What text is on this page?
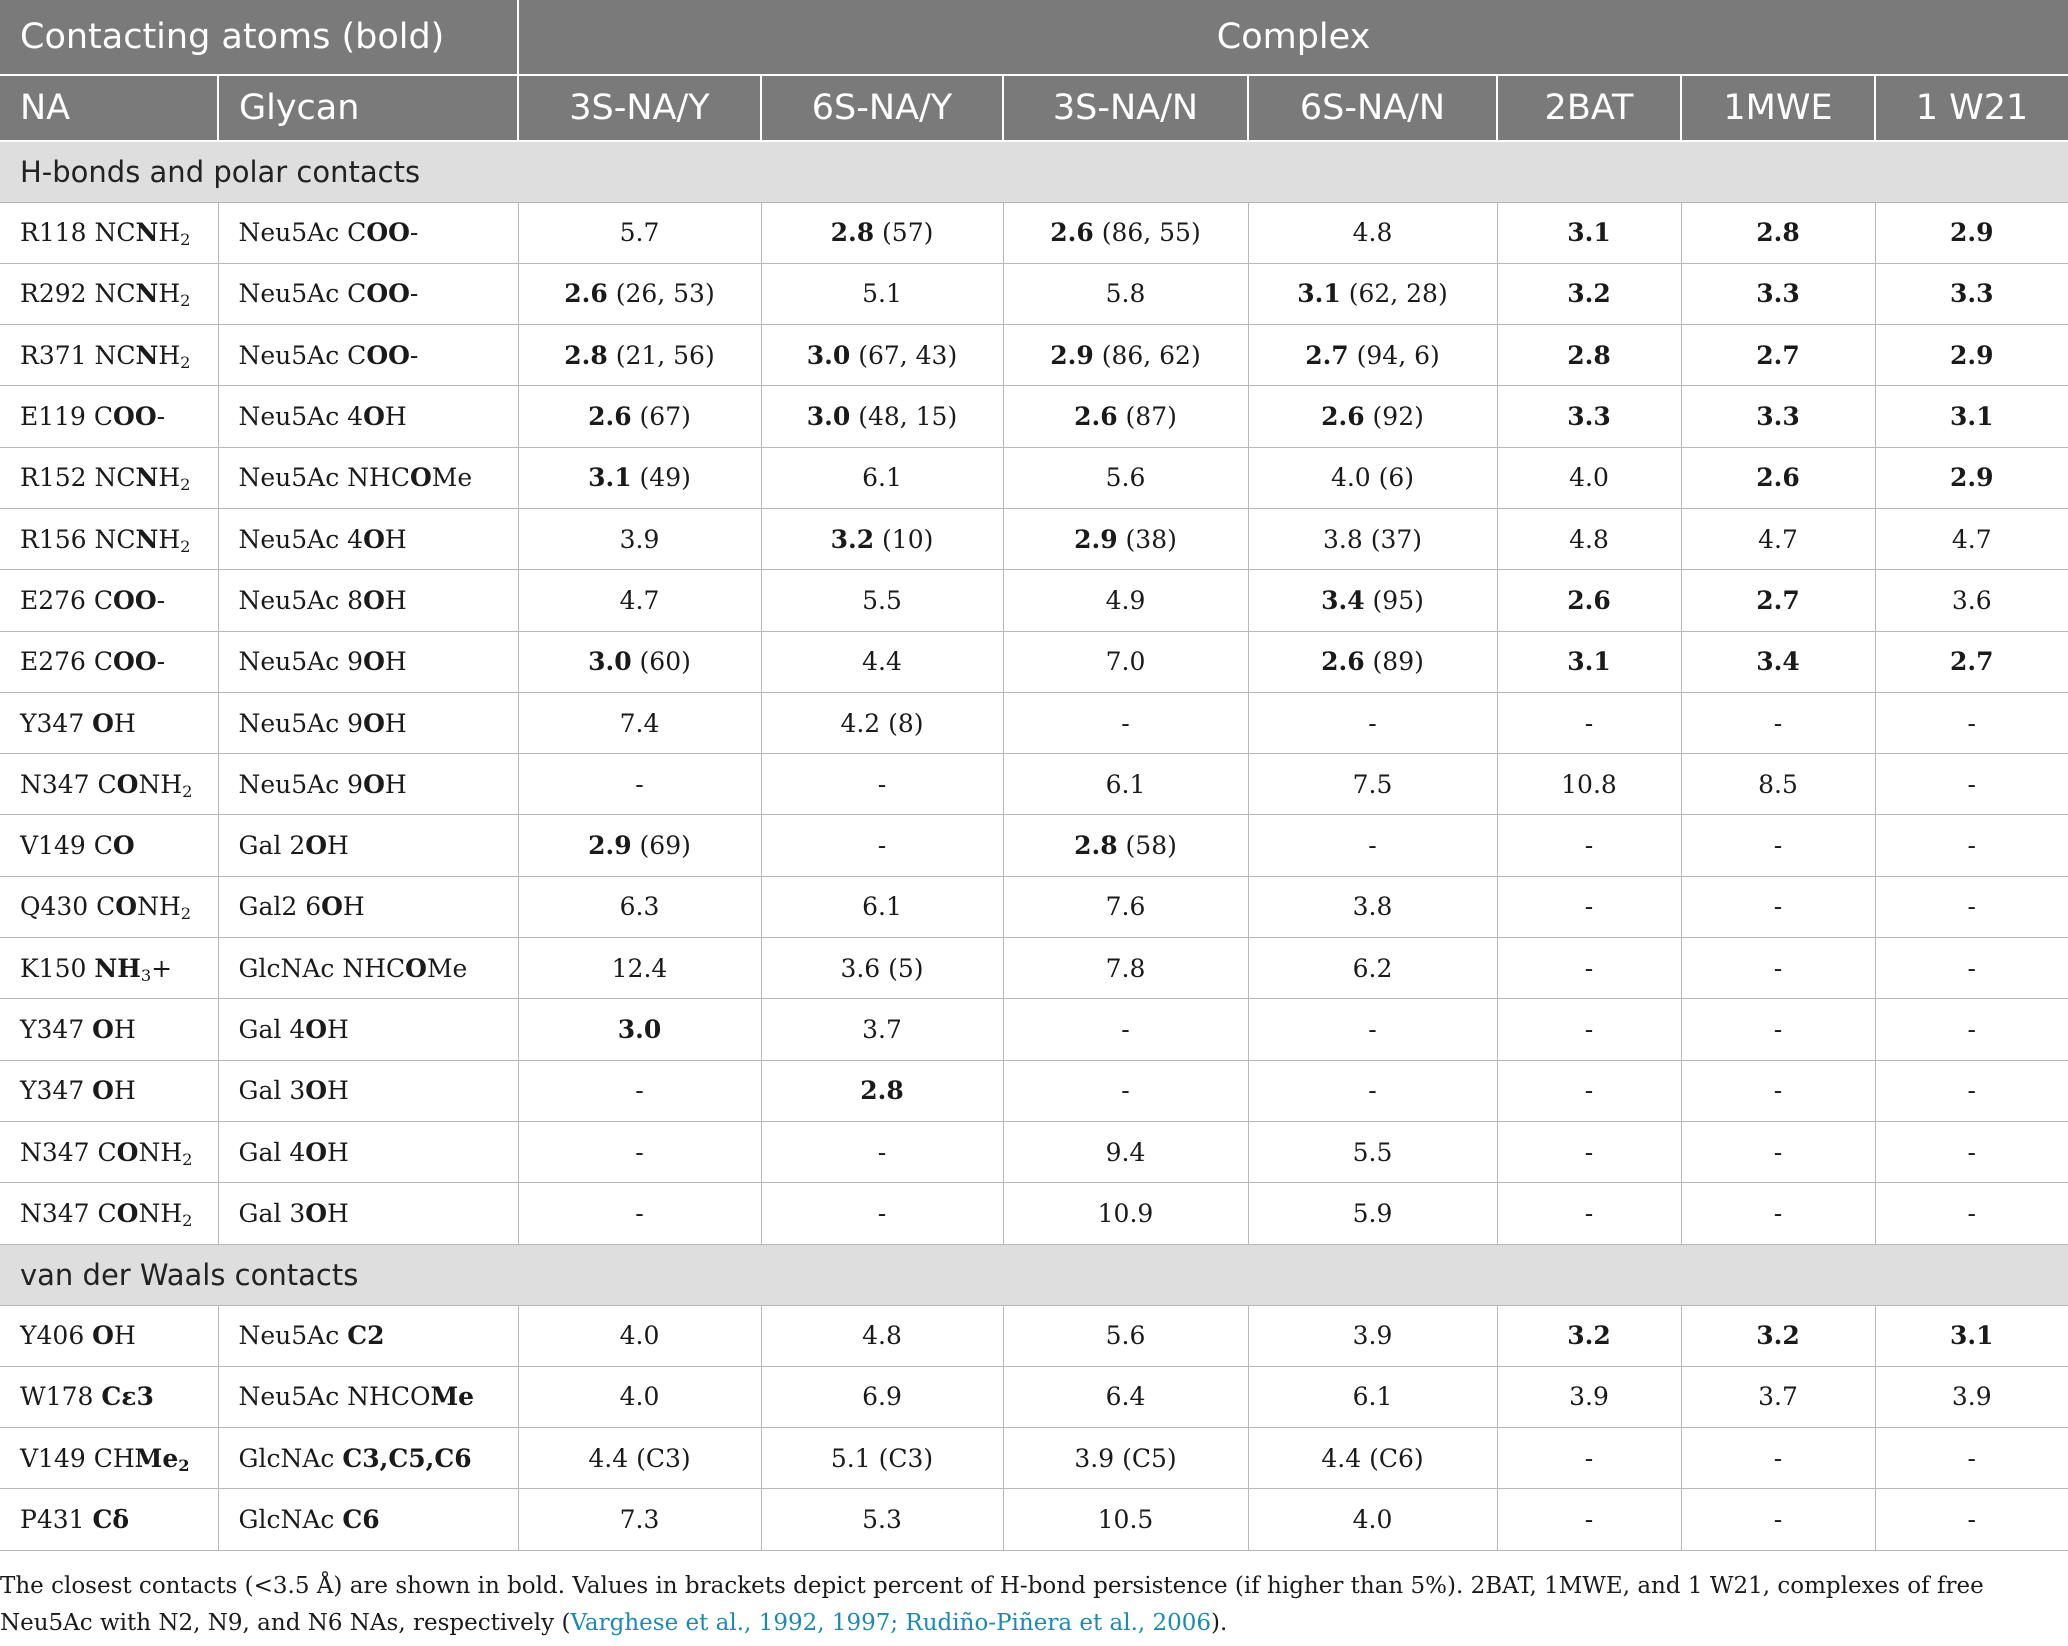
Contacting atoms (bold)		Complex						
NA	Glycan	3S-NA/Y	6S-NA/Y	3S-NA/N	6S-NA/N	2BAT	1MWE	1 W21
H-bonds and polar contacts								
R118 $NCNH_2$	Neu5Ac COO-	5.7	2.8 (57)	2.6 (86, 55)	4.8	3.1	2.8	2.9
R292 $NCNH_2$	Neu5Ac COO-	2.6 (26, 53)	5.1	5.8	3.1 (62, 28)	3.2	3.3	3.3
R371 $NCNH_2$	Neu5Ac COO-	2.8 (21, 56)	3.0 (67, 43)	2.9 (86, 62)	2.7 (94, 6)	2.8	2.7	2.9
E119 COO-	Neu5Ac 4OH	2.6 (67)	3.0 (48, 15)	2.6 (87)	2.6 (92)	3.3	3.3	3.1
R152 $NCNH_2$	Neu5Ac NHCOMe	3.1 (49)	6.1	5.6	4.0 (6)	4.0	2.6	2.9
R156 $NCNH_2$	Neu5Ac 4OH	3.9	3.2 (10)	2.9 (38)	3.8 (37)	4.8	4.7	4.7
E276 COO-	Neu5Ac 8OH	4.7	5.5	4.9	3.4 (95)	2.6	2.7	3.6
E276 COO-	Neu5Ac 9OH	3.0 (60)	4.4	7.0	2.6 (89)	3.1	3.4	2.7
Y347 OH	Neu5Ac 9OH	7.4	4.2 (8)	-	-	-	-	-
N347 $CONH_2$	Neu5Ac 9OH	-	-	6.1	7.5	10.8	8.5	-
V149 CO	Gal 2OH	2.9 (69)	-	2.8 (58)	-	-	-	-
Q430 $CONH_2$	Gal2 6OH	6.3	6.1	7.6	3.8	-	-	-
K150 $NH_3+$	GlcNAc NHCOMe	12.4	3.6 (5)	7.8	6.2	-	-	-
Y347 OH	Gal 4OH	3.0	3.7	-	-	-	-	-
Y347 OH	Gal 3OH	-	2.8	-	-	-	-	-
N347 $CONH_2$	Gal 4OH	-	-	9.4	5.5	-	-	-
N347 $CONH_2$	Gal 3OH	-	-	10.9	5.9	-	-	-
van der Waals contacts								
Y406 OH	Neu5Ac C2	4.0	4.8	5.6	3.9	3.2	3.2	3.1
W178 Cε3	Neu5Ac NHCOMe	4.0	6.9	6.4	6.1	3.9	3.7	3.9
V149 CHMe$_2$	GlcNAc C3,C5,C6	4.4 (C3)	5.1 (C3)	3.9 (C5)	4.4 (C6)	-	-	-
P431 Cδ	GlcNAc C6	7.3	5.3	10.5	4.0	-	-	-
The closest contacts (<3.5 Å) are shown in bold. Values in brackets depict percent of H-bond persistence (if higher than 5%). 2BAT, 1MWE, and 1 W21, complexes of free Neu5Ac with N2, N9, and N6 NAs, respectively (Varghese et al., 1992, 1997; Rudiño-Piñera et al., 2006).
